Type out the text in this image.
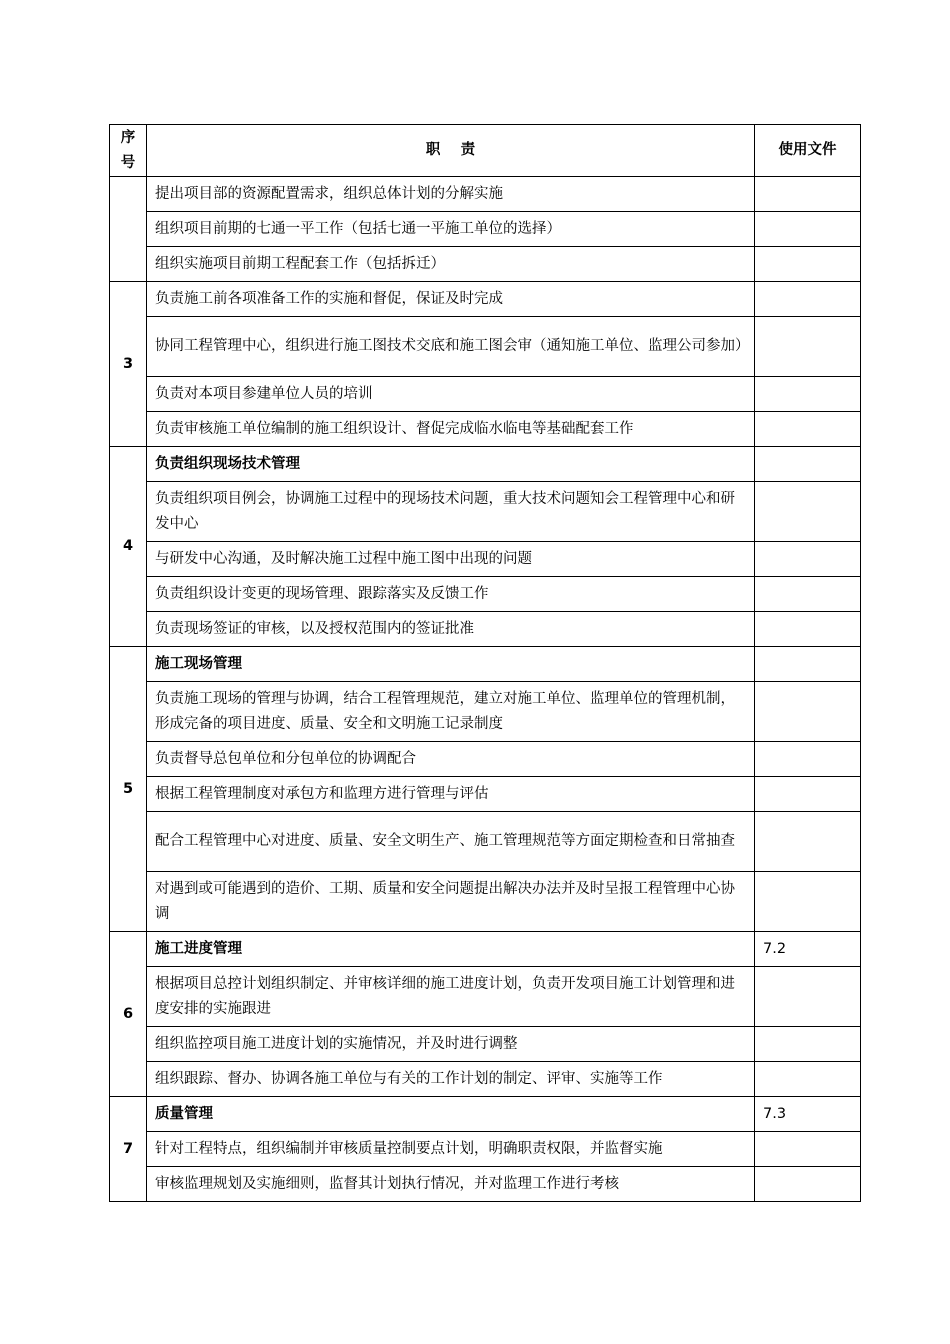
序
号	职    责	使用文件
	提出项目部的资源配置需求，组织总体计划的分解实施	
	组织项目前期的七通一平工作（包括七通一平施工单位的选择）	
	组织实施项目前期工程配套工作（包括拆迁）	
3	负责施工前各项准备工作的实施和督促，保证及时完成	
	协同工程管理中心，组织进行施工图技术交底和施工图会审（通知施工单位、监理公司参加）	
	负责对本项目参建单位人员的培训	
	负责审核施工单位编制的施工组织设计、督促完成临水临电等基础配套工作	
4	负责组织现场技术管理	
	负责组织项目例会，协调施工过程中的现场技术问题，重大技术问题知会工程管理中心和研发中心	
	与研发中心沟通，及时解决施工过程中施工图中出现的问题	
	负责组织设计变更的现场管理、跟踪落实及反馈工作	
	负责现场签证的审核，以及授权范围内的签证批准	
5	施工现场管理	
	负责施工现场的管理与协调，结合工程管理规范，建立对施工单位、监理单位的管理机制，形成完备的项目进度、质量、安全和文明施工记录制度	
	负责督导总包单位和分包单位的协调配合	
	根据工程管理制度对承包方和监理方进行管理与评估	
	配合工程管理中心对进度、质量、安全文明生产、施工管理规范等方面定期检查和日常抽查	
	对遇到或可能遇到的造价、工期、质量和安全问题提出解决办法并及时呈报工程管理中心协调	
6	施工进度管理	7.2
	根据项目总控计划组织制定、并审核详细的施工进度计划，负责开发项目施工计划管理和进度安排的实施跟进	
	组织监控项目施工进度计划的实施情况，并及时进行调整	
	组织跟踪、督办、协调各施工单位与有关的工作计划的制定、评审、实施等工作	
7	质量管理	7.3
	针对工程特点，组织编制并审核质量控制要点计划，明确职责权限，并监督实施	
	审核监理规划及实施细则，监督其计划执行情况，并对监理工作进行考核	
